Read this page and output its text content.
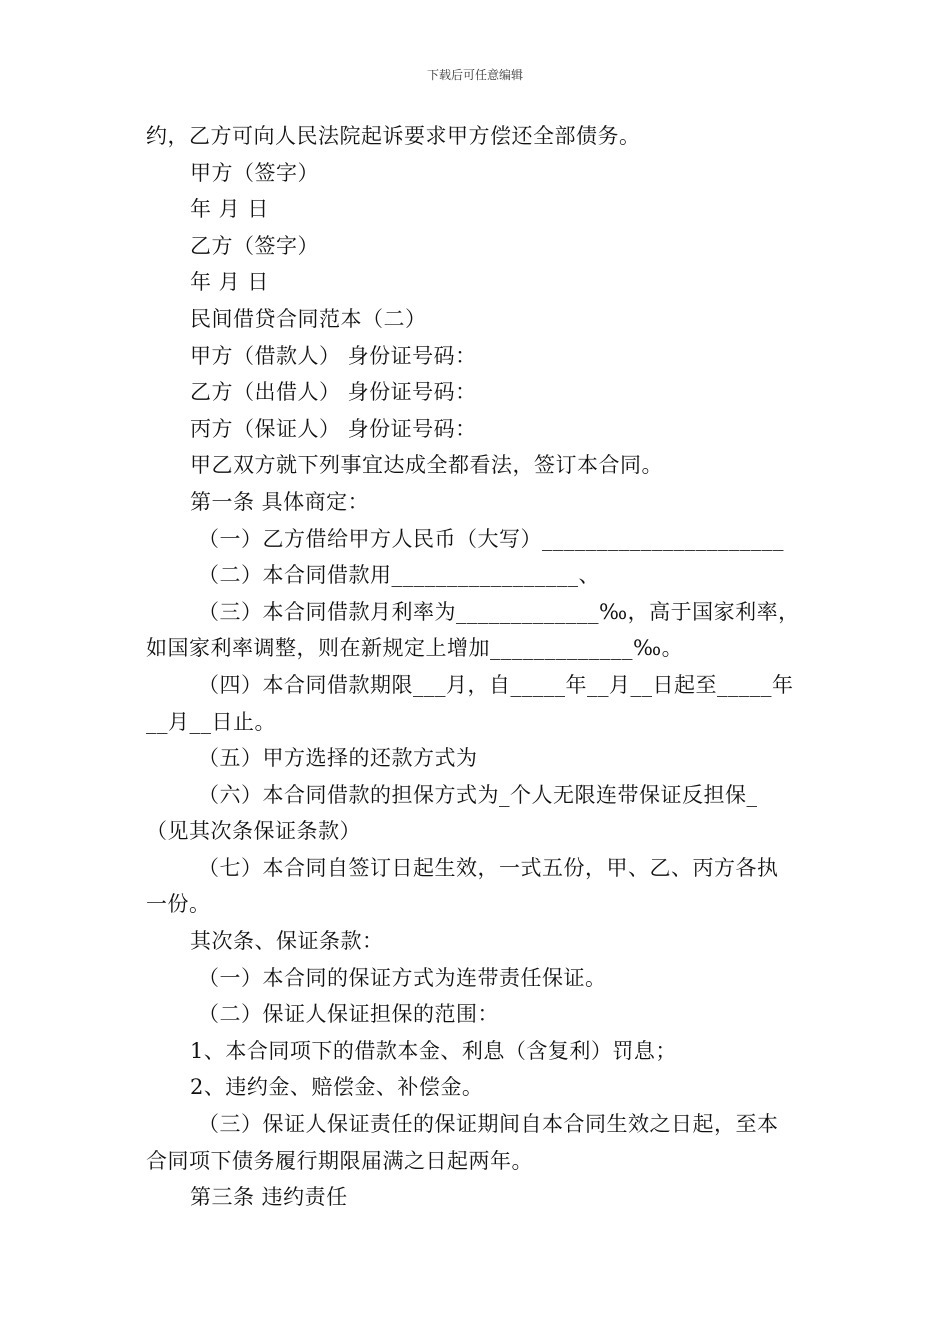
下载后可任意编辑
约，乙方可向人民法院起诉要求甲方偿还全部债务。
甲方（签字）
年 月 日
乙方（签字）
年 月 日
民间借贷合同范本（二）
甲方（借款人） 身份证号码：
乙方（出借人） 身份证号码：
丙方（保证人） 身份证号码：
甲乙双方就下列事宜达成全都看法，签订本合同。
第一条 具体商定：
（一）乙方借给甲方人民币（大写）______________________
（二）本合同借款用_________________、
（三）本合同借款月利率为_____________‰，高于国家利率，
如国家利率调整，则在新规定上增加_____________‰。
（四）本合同借款期限___月，自_____年__月__日起至_____年
__月__日止。
（五）甲方选择的还款方式为
（六）本合同借款的担保方式为_个人无限连带保证反担保_
（见其次条保证条款）
（七）本合同自签订日起生效，一式五份，甲、乙、丙方各执
一份。
其次条、保证条款：
（一）本合同的保证方式为连带责任保证。
（二）保证人保证担保的范围：
1、本合同项下的借款本金、利息（含复利）罚息；
2、违约金、赔偿金、补偿金。
（三）保证人保证责任的保证期间自本合同生效之日起，至本
合同项下债务履行期限届满之日起两年。
第三条 违约责任
